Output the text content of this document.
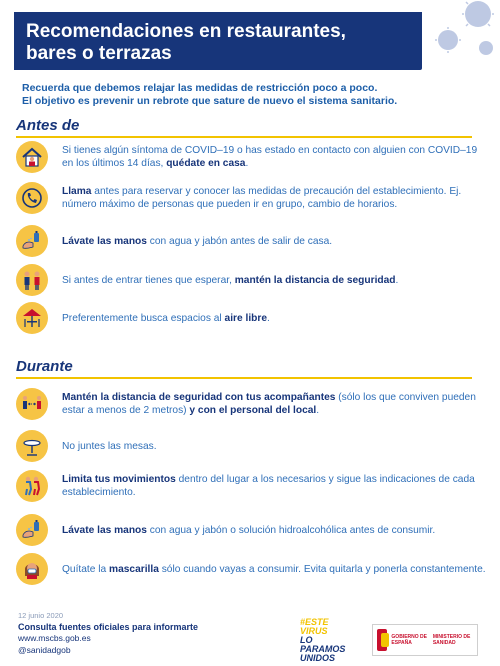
Recomendaciones en restaurantes,
bares o terrazas
Recuerda que debemos relajar las medidas de restricción poco a poco.
El objetivo es prevenir un rebrote que sature de nuevo el sistema sanitario.
Antes de
Si tienes algún síntoma de COVID–19 o has estado en contacto con alguien con COVID–19 en los últimos 14 días, quédate en casa.
Llama antes para reservar y conocer las medidas de precaución del establecimiento. Ej. número máximo de personas que pueden ir en grupo, cambio de horarios.
Lávate las manos con agua y jabón antes de salir de casa.
Si antes de entrar tienes que esperar, mantén la distancia de seguridad.
Preferentemente busca espacios al aire libre.
Durante
Mantén la distancia de seguridad con tus acompañantes (sólo los que conviven pueden estar a menos de 2 metros) y con el personal del local.
No juntes las mesas.
Limita tus movimientos dentro del lugar a los necesarios y sigue las indicaciones de cada establecimiento.
Lávate las manos con agua y jabón o solución hidroalcohólica antes de consumir.
Quítate la mascarilla sólo cuando vayas a consumir. Evita quitarla y ponerla constantemente.
12 junio 2020
Consulta fuentes oficiales para informarte
www.mscbs.gob.es
@sanidadgob
#ESTE
VIRUS
LO
PARAMOS
UNIDOS
GOBIERNO DE ESPAÑA
MINISTERIO DE SANIDAD
